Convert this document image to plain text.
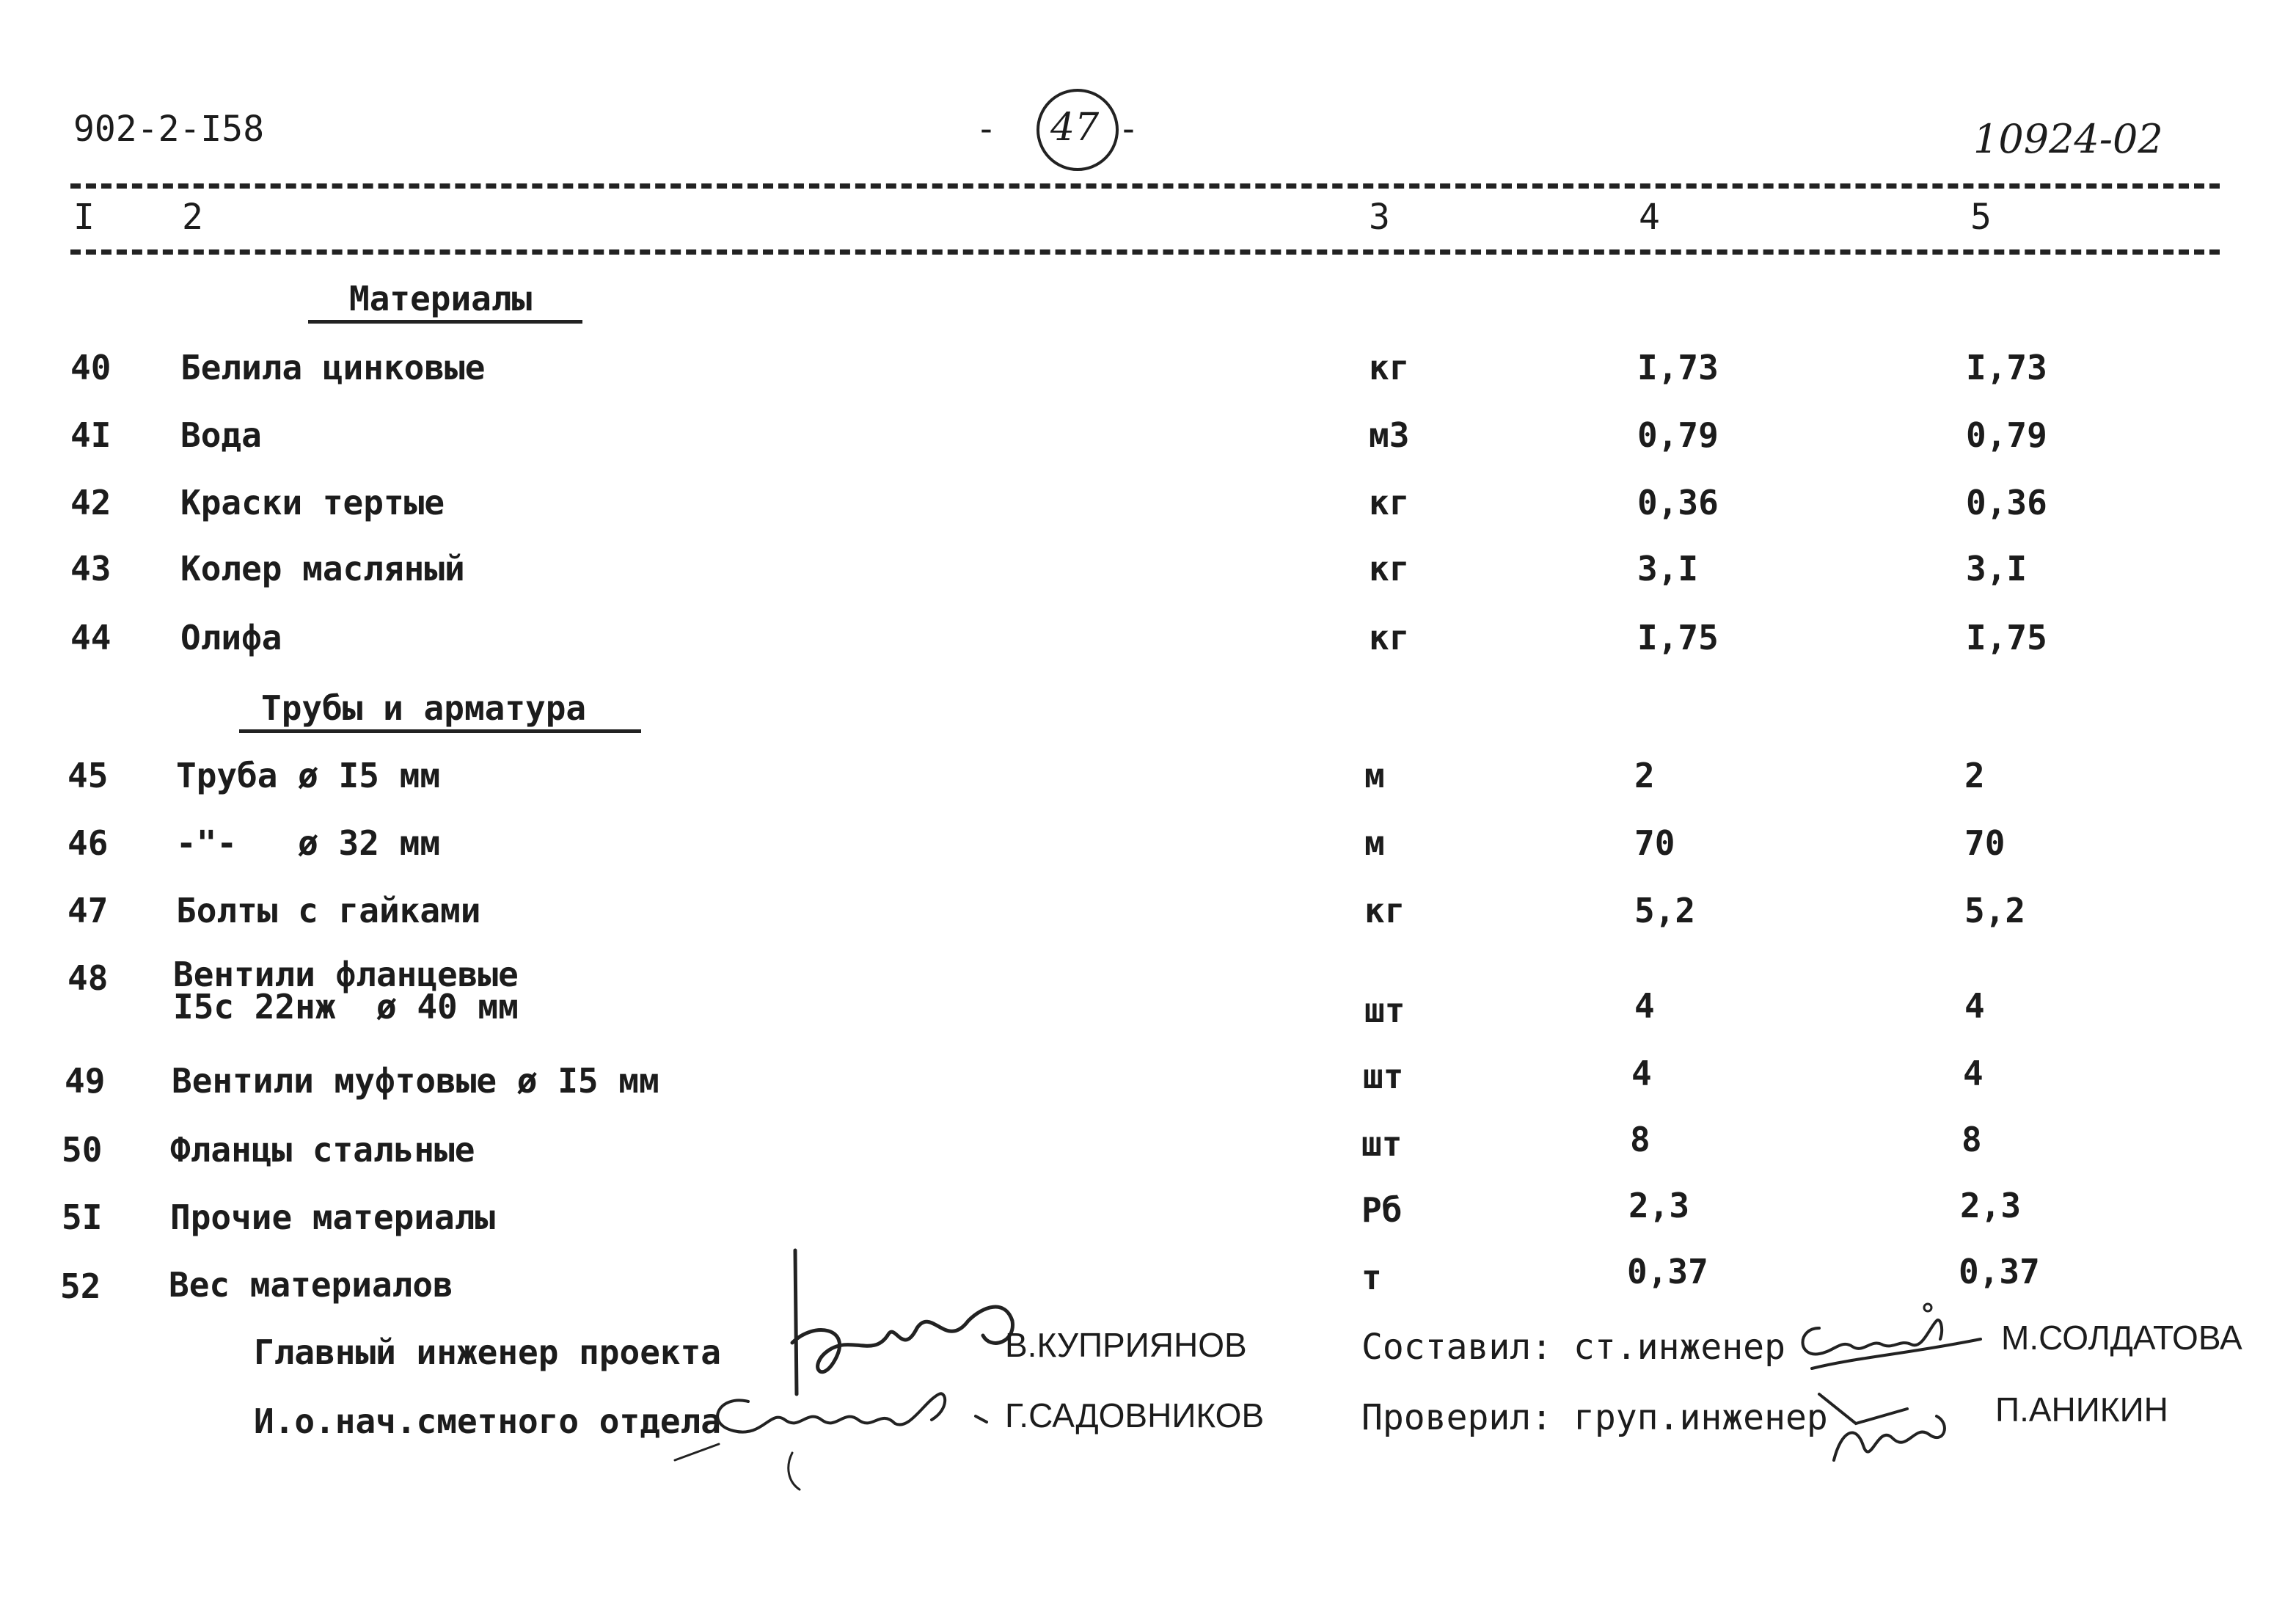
902-2-I58	- 47 -	10924-02
I 2	3	4	5
Материалы
40 Белила цинковые	кг	I,73	I,73
4I Вода	м3	0,79	0,79
42 Краски тертые	кг	0,36	0,36
43 Колер масляный	кг	3,I	3,I
44 Олифа	кг	I,75	I,75
Трубы и арматура
45 Труба ø I5 мм	м	2	2
46 -"-   ø 32 мм	м	70	70
47 Болты с гайками	кг	5,2	5,2
48 Вентили фланцевые
I5с 22нж  ø 40 мм	шт	4	4
49 Вентили муфтовые ø I5 мм	шт	4	4
50 Фланцы стальные	шт	8	8
5I Прочие материалы	Рб	2,3	2,3
52 Вес материалов	т	0,37	0,37
Главный инженер проекта	В.КУПРИЯНОВ
И.о.нач.сметного отдела	Г.САДОВНИКОВ
Составил: ст.инженер	М.СОЛДАТОВА
Проверил: груп.инженер	П.АНИКИН
